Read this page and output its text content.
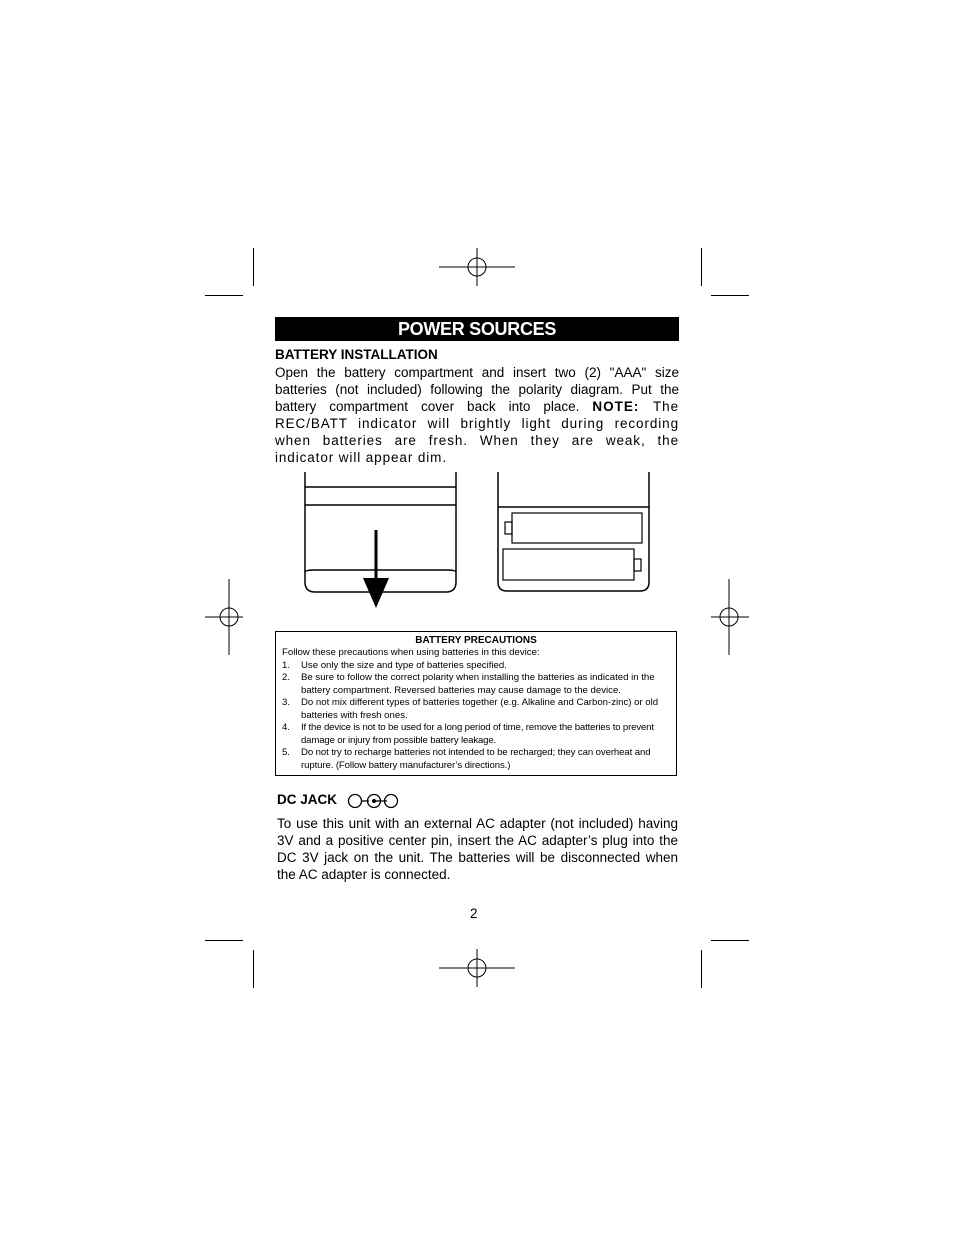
POWER SOURCES
BATTERY INSTALLATION
Open the battery compartment and insert two (2) "AAA" size batteries (not included) following the polarity diagram. Put the battery compartment cover back into place. NOTE: The REC/BATT indicator will brightly light during recording when batteries are fresh. When they are weak, the indicator will appear dim.
BATTERY PRECAUTIONS
Follow these precautions when using batteries in this device:
1. Use only the size and type of batteries specified.
2. Be sure to follow the correct polarity when installing the batteries as indicated in the battery compartment. Reversed batteries may cause damage to the device.
3. Do not mix different types of batteries together (e.g. Alkaline and Carbon-zinc) or old batteries with fresh ones.
4. If the device is not to be used for a long period of time, remove the batteries to prevent damage or injury from possible battery leakage.
5. Do not try to recharge batteries not intended to be recharged; they can overheat and rupture. (Follow battery manufacturer’s directions.)
DC JACK
To use this unit with an external AC adapter (not included) having 3V and a positive center pin, insert the AC adapter’s plug into the DC 3V jack on the unit. The batteries will be disconnected when the AC adapter is connected.
2
